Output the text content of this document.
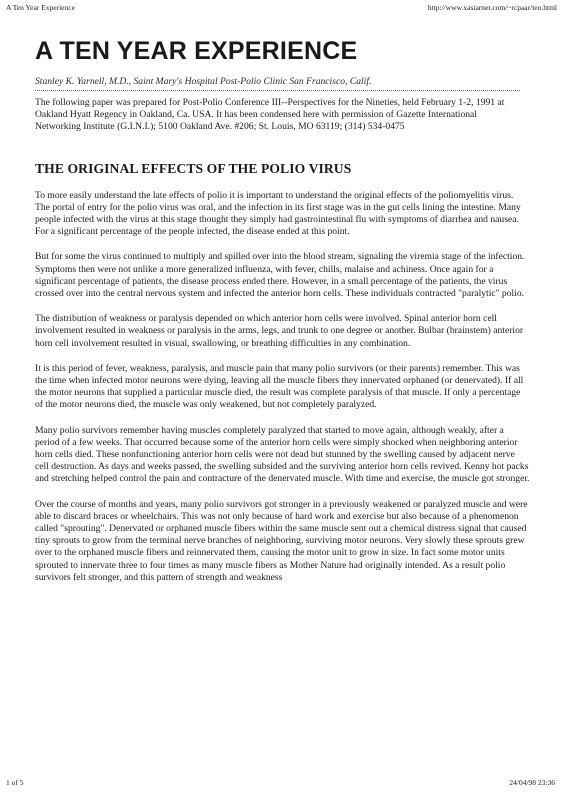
A Ten Year Experience	http://www.xasiarnet.com/~rcpaar/ten.html
A TEN YEAR EXPERIENCE
Stanley K. Yarnell, M.D., Saint Mary's Hospital Post-Polio Clinic San Francisco, Calif.

The following paper was prepared for Post-Polio Conference III--Perspectives for the Nineties, held February 1-2, 1991 at Oakland Hyatt Regency in Oakland, Ca. USA. It has been condensed here with permission of Gazette International Networking Institute (G.I.N.I.); 5100 Oakland Ave. #206; St. Louis, MO 63119; (314) 534-0475

THE ORIGINAL EFFECTS OF THE POLIO VIRUS

To more easily understand the late effects of polio it is important to understand the original effects of the poliomyelitis virus. The portal of entry for the polio virus was oral, and the infection in its first stage was in the gut cells lining the intestine. Many people infected with the virus at this stage thought they simply had gastrointestinal flu with symptoms of diarrhea and nausea. For a significant percentage of the people infected, the disease ended at this point.

But for some the virus continued to multiply and spilled over into the blood stream, signaling the viremia stage of the infection. Symptoms then were not unlike a more generalized influenza, with fever, chills, malaise and achiness. Once again for a significant percentage of patients, the disease process ended there. However, in a small percentage of the patients, the virus crossed over into the central nervous system and infected the anterior horn cells. These individuals contracted "paralytic" polio.

The distribution of weakness or paralysis depended on which anterior horn cells were involved. Spinal anterior horn cell involvement resulted in weakness or paralysis in the arms, legs, and trunk to one degree or another. Bulbar (brainstem) anterior horn cell involvement resulted in visual, swallowing, or breathing difficulties in any combination.

It is this period of fever, weakness, paralysis, and muscle pain that many polio survivors (or their parents) remember. This was the time when infected motor neurons were dying, leaving all the muscle fibers they innervated orphaned (or denervated). If all the motor neurons that supplied a particular muscle died, the result was complete paralysis of that muscle. If only a percentage of the motor neurons died, the muscle was only weakened, but not completely paralyzed.

Many polio survivors remember having muscles completely paralyzed that started to move again, although weakly, after a period of a few weeks. That occurred because some of the anterior horn cells were simply shocked when neighboring anterior horn cells died. These nonfunctioning anterior horn cells were not dead but stunned by the swelling caused by adjacent nerve cell destruction. As days and weeks passed, the swelling subsided and the surviving anterior horn cells revived. Kenny hot packs and stretching helped control the pain and contracture of the denervated muscle. With time and exercise, the muscle got stronger.

Over the course of months and years, many polio survivors got stronger in a previously weakened or paralyzed muscle and were able to discard braces or wheelchairs. This was not only because of hard work and exercise but also because of a phenomenon called "sprouting". Denervated or orphaned muscle fibers within the same muscle sent out a chemical distress signal that caused tiny sprouts to grow from the terminal nerve branches of neighboring, surviving motor neurons. Very slowly these sprouts grew over to the orphaned muscle fibers and reinnervated them, causing the motor unit to grow in size. In fact some motor units sprouted to innervate three to four times as many muscle fibers as Mother Nature had originally intended. As a result polio survivors felt stronger, and this pattern of strength and weakness

1 of 5	24/04/98 23:36
